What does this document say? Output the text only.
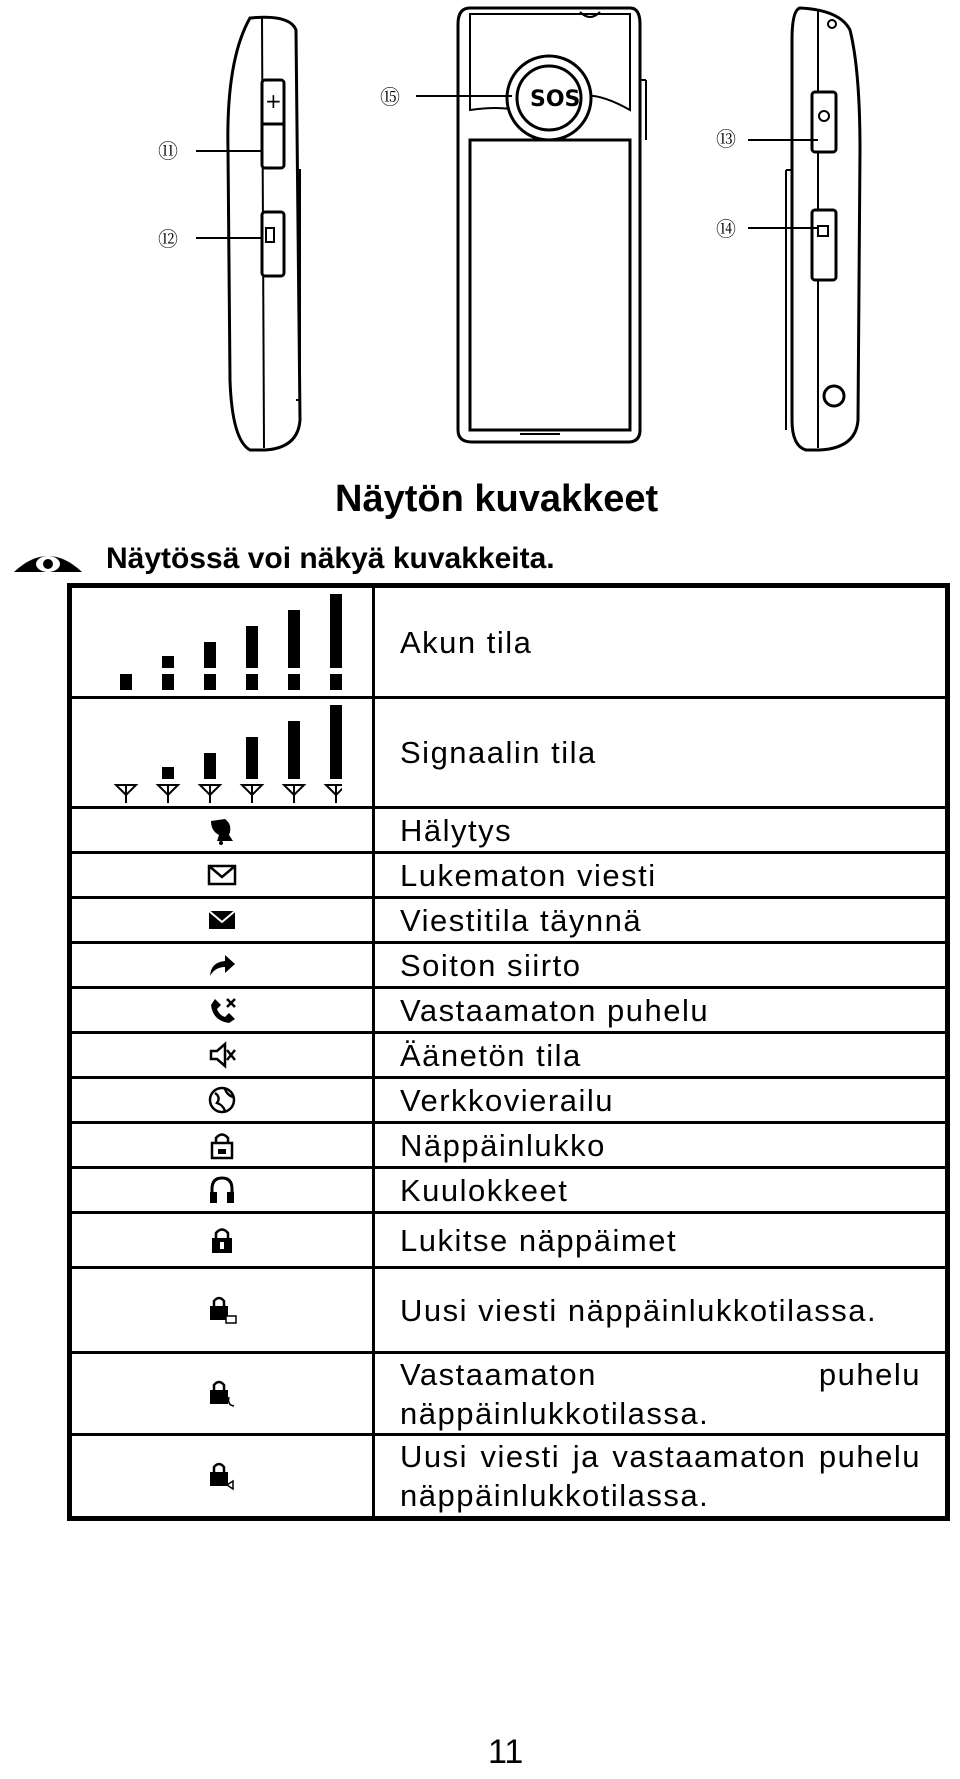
+	SOS
⑪
⑫
⑬
⑭
⑮
Näytön kuvakkeet
Näytössä voi näkyä kuvakkeita.
Akun tila
Signaalin tila
Hälytys
Lukematon viesti
Viestitila täynnä
Soiton siirto
Vastaamaton puhelu
Äänetön tila
Verkkovierailu
Näppäinlukko
Kuulokkeet
Lukitse näppäimet
Uusi viesti näppäinlukkotilassa.
Vastaamaton puhelu näppäinlukkotilassa.
Uusi viesti ja vastaamaton puhelu näppäinlukkotilassa.
11
